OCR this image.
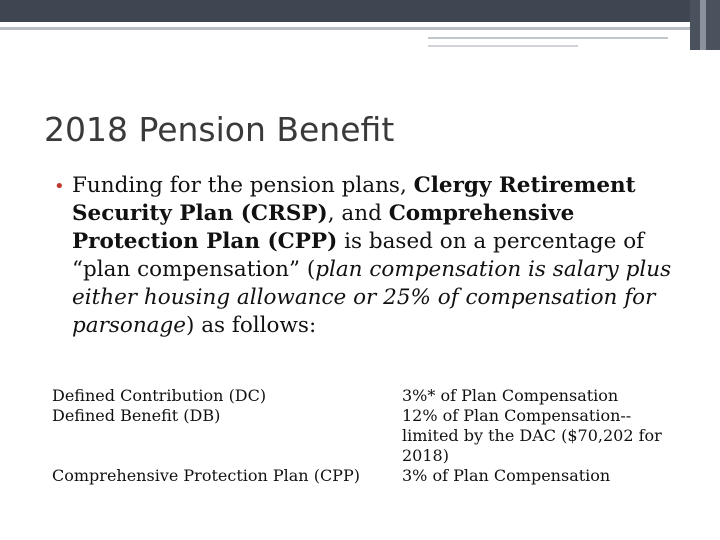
2018 Pension Benefit
• Funding for the pension plans, Clergy Retirement Security Plan (CRSP), and Comprehensive Protection Plan (CPP) is based on a percentage of “plan compensation” (plan compensation is salary plus either housing allowance or 25% of compensation for parsonage) as follows:
Defined Contribution (DC)	3%* of Plan Compensation
Defined Benefit (DB)	12% of Plan Compensation-- limited by the DAC ($70,202 for 2018)
Comprehensive Protection Plan (CPP)	3% of Plan Compensation
